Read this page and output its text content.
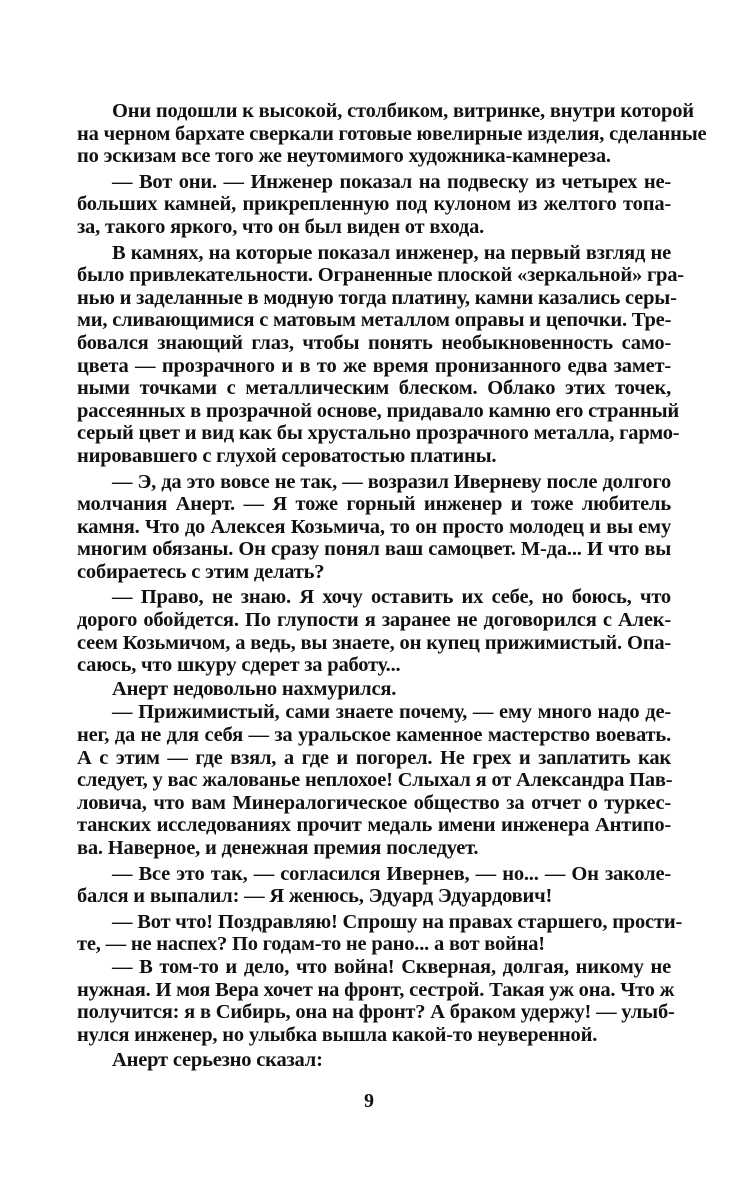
Они подошли к высокой, столбиком, витринке, внутри которой
на черном бархате сверкали готовые ювелирные изделия, сделанные
по эскизам все того же неутомимого художника-камнереза.
— Вот они. — Инженер показал на подвеску из четырех не-
больших камней, прикрепленную под кулоном из желтого топа-
за, такого яркого, что он был виден от входа.
В камнях, на которые показал инженер, на первый взгляд не
было привлекательности. Ограненные плоской «зеркальной» гра-
нью и заделанные в модную тогда платину, камни казались серы-
ми, сливающимися с матовым металлом оправы и цепочки. Тре-
бовался знающий глаз, чтобы понять необыкновенность само-
цвета — прозрачного и в то же время пронизанного едва замет-
ными точками с металлическим блеском. Облако этих точек,
рассеянных в прозрачной основе, придавало камню его странный
серый цвет и вид как бы хрустально прозрачного металла, гармо-
нировавшего с глухой сероватостью платины.
— Э, да это вовсе не так, — возразил Иверневу после долгого
молчания Анерт. — Я тоже горный инженер и тоже любитель
камня. Что до Алексея Козьмича, то он просто молодец и вы ему
многим обязаны. Он сразу понял ваш самоцвет. М-да... И что вы
собираетесь с этим делать?
— Право, не знаю. Я хочу оставить их себе, но боюсь, что
дорого обойдется. По глупости я заранее не договорился с Алек-
сеем Козьмичом, а ведь, вы знаете, он купец прижимистый. Опа-
саюсь, что шкуру сдерет за работу...
Анерт недовольно нахмурился.
— Прижимистый, сами знаете почему, — ему много надо де-
нег, да не для себя — за уральское каменное мастерство воевать.
А с этим — где взял, а где и погорел. Не грех и заплатить как
следует, у вас жалованье неплохое! Слыхал я от Александра Пав-
ловича, что вам Минералогическое общество за отчет о туркес-
танских исследованиях прочит медаль имени инженера Антипо-
ва. Наверное, и денежная премия последует.
— Все это так, — согласился Ивернев, — но... — Он заколе-
бался и выпалил: — Я женюсь, Эдуард Эдуардович!
— Вот что! Поздравляю! Спрошу на правах старшего, прости-
те, — не наспех? По годам-то не рано... а вот война!
— В том-то и дело, что война! Скверная, долгая, никому не
нужная. И моя Вера хочет на фронт, сестрой. Такая уж она. Что ж
получится: я в Сибирь, она на фронт? А браком удержу! — улыб-
нулся инженер, но улыбка вышла какой-то неуверенной.
Анерт серьезно сказал:
9
